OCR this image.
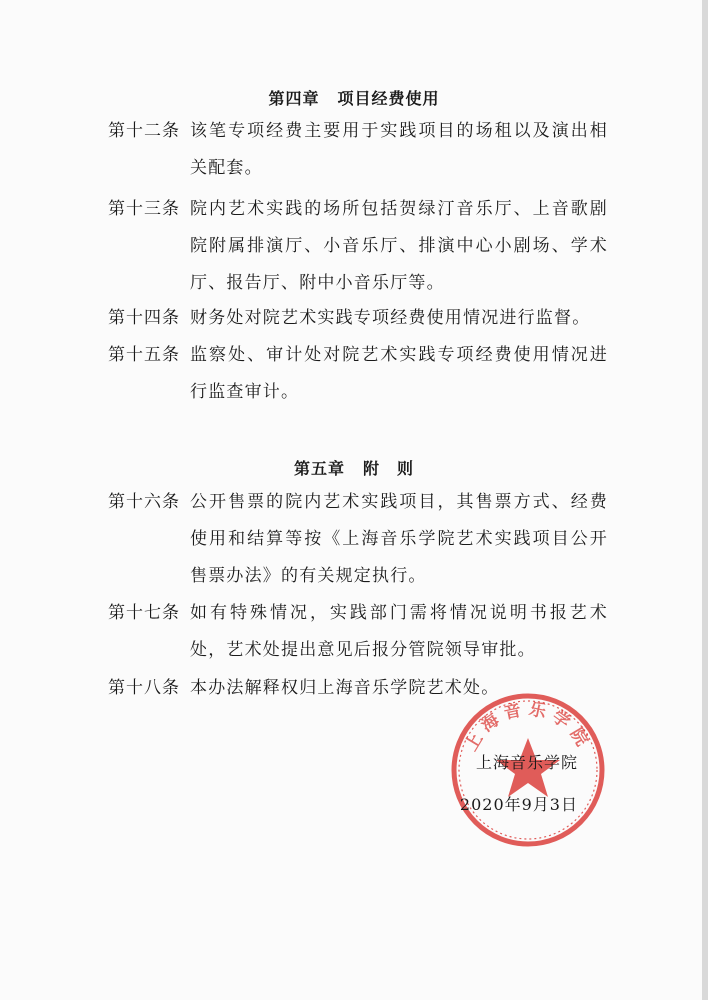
第四章 项目经费使用
第十二条 该笔专项经费主要用于实践项目的场租以及演出相关配套。
第十三条 院内艺术实践的场所包括贺绿汀音乐厅、上音歌剧院附属排演厅、小音乐厅、排演中心小剧场、学术厅、报告厅、附中小音乐厅等。
第十四条 财务处对院艺术实践专项经费使用情况进行监督。
第十五条 监察处、审计处对院艺术实践专项经费使用情况进行监查审计。
第五章 附　则
第十六条 公开售票的院内艺术实践项目，其售票方式、经费使用和结算等按《上海音乐学院艺术实践项目公开售票办法》的有关规定执行。
第十七条 如有特殊情况，实践部门需将情况说明书报艺术处，艺术处提出意见后报分管院领导审批。
第十八条 本办法解释权归上海音乐学院艺术处。
上海音乐学院
上海音乐学院
2020年9月3日
